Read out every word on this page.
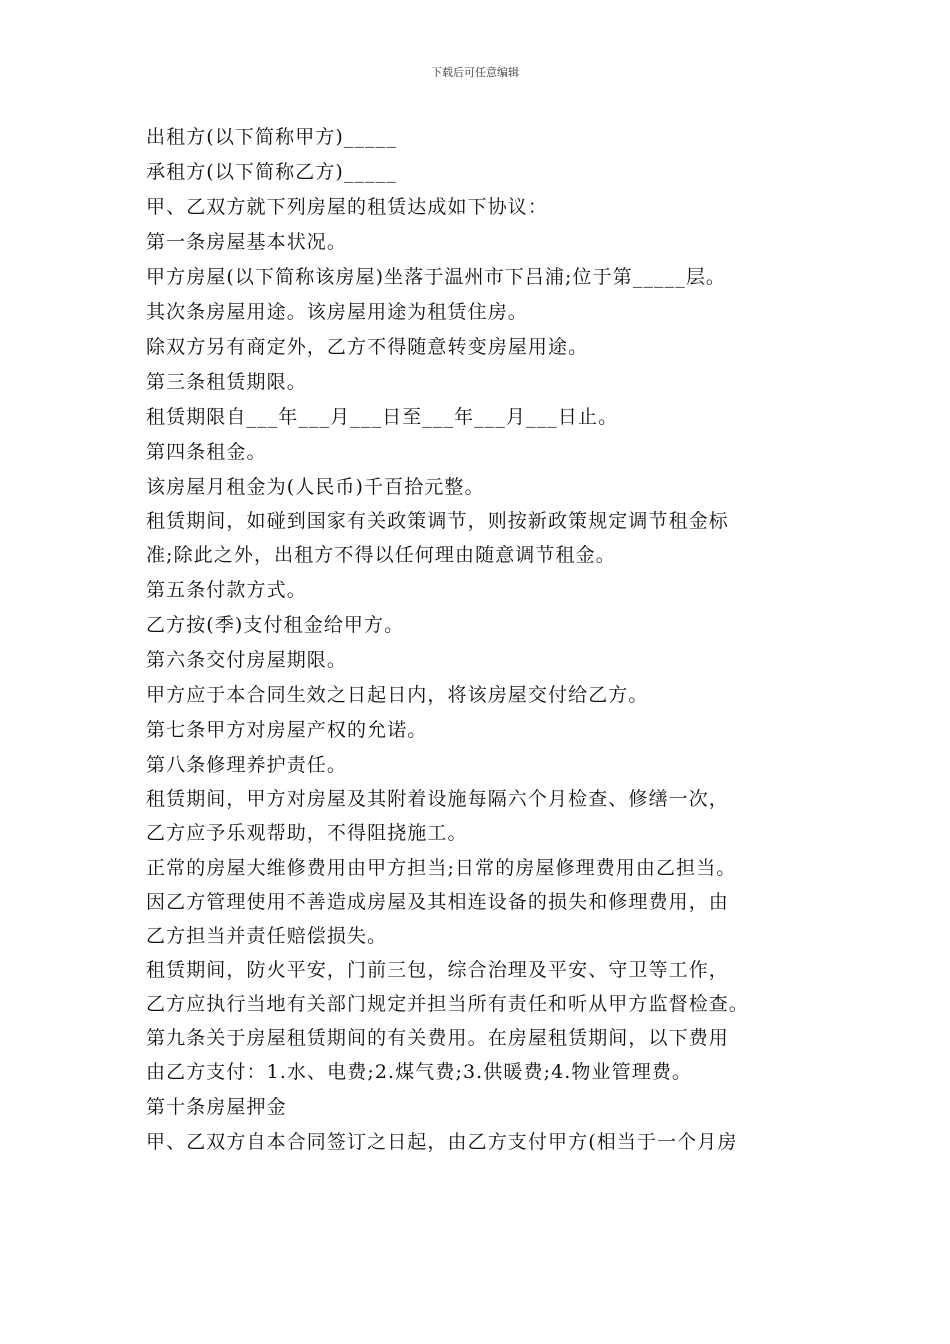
下载后可任意编辑
出租方(以下简称甲方)_____
承租方(以下简称乙方)_____
甲、乙双方就下列房屋的租赁达成如下协议：
第一条房屋基本状况。
甲方房屋(以下简称该房屋)坐落于温州市下吕浦;位于第_____层。
其次条房屋用途。该房屋用途为租赁住房。
除双方另有商定外，乙方不得随意转变房屋用途。
第三条租赁期限。
租赁期限自___年___月___日至___年___月___日止。
第四条租金。
该房屋月租金为(人民币)千百拾元整。
租赁期间，如碰到国家有关政策调节，则按新政策规定调节租金标
准;除此之外，出租方不得以任何理由随意调节租金。
第五条付款方式。
乙方按(季)支付租金给甲方。
第六条交付房屋期限。
甲方应于本合同生效之日起日内，将该房屋交付给乙方。
第七条甲方对房屋产权的允诺。
第八条修理养护责任。
租赁期间，甲方对房屋及其附着设施每隔六个月检查、修缮一次，
乙方应予乐观帮助，不得阻挠施工。
正常的房屋大维修费用由甲方担当;日常的房屋修理费用由乙担当。
因乙方管理使用不善造成房屋及其相连设备的损失和修理费用，由
乙方担当并责任赔偿损失。
租赁期间，防火平安，门前三包，综合治理及平安、守卫等工作，
乙方应执行当地有关部门规定并担当所有责任和听从甲方监督检查。
第九条关于房屋租赁期间的有关费用。在房屋租赁期间，以下费用
由乙方支付：1.水、电费;2.煤气费;3.供暖费;4.物业管理费。
第十条房屋押金
甲、乙双方自本合同签订之日起，由乙方支付甲方(相当于一个月房
